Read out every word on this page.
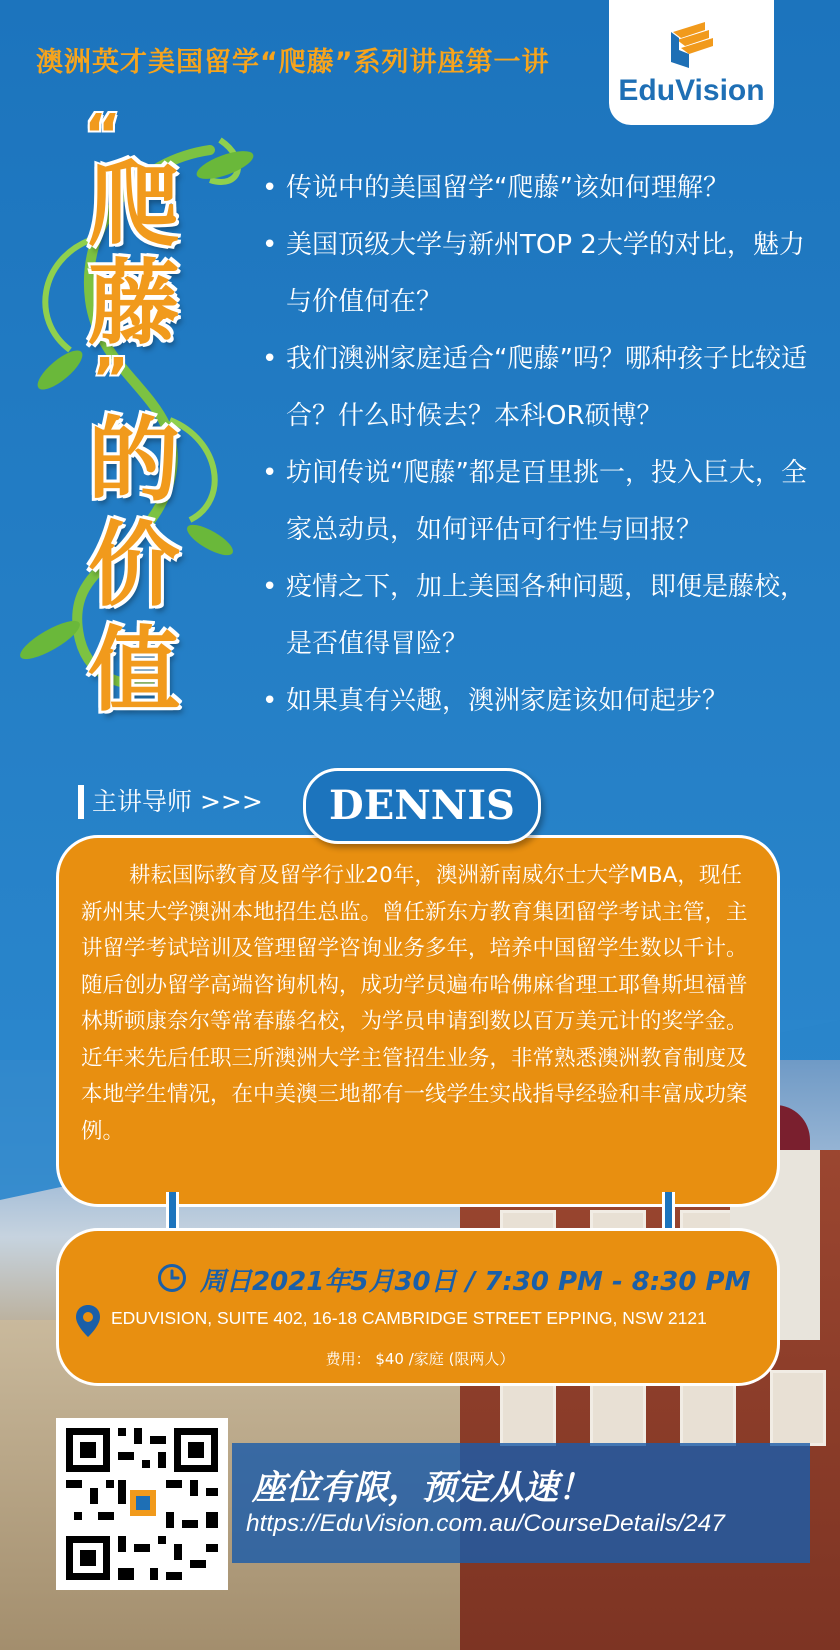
澳洲英才美国留学“爬藤”系列讲座第一讲
EduVision
“
爬
藤
”
的
价
值
• 传说中的美国留学“爬藤”该如何理解？
• 美国顶级大学与新州TOP 2大学的对比，魅力与价值何在？
• 我们澳洲家庭适合“爬藤”吗？哪种孩子比较适合？什么时候去？本科OR硕博？
• 坊间传说“爬藤”都是百里挑一，投入巨大，全家总动员，如何评估可行性与回报？
• 疫情之下，加上美国各种问题，即便是藤校，是否值得冒险？
• 如果真有兴趣，澳洲家庭该如何起步？
主讲导师 >>>
耕耘国际教育及留学行业20年，澳洲新南威尔士大学MBA，现任新州某大学澳洲本地招生总监。曾任新东方教育集团留学考试主管，主讲留学考试培训及管理留学咨询业务多年，培养中国留学生数以千计。随后创办留学高端咨询机构，成功学员遍布哈佛麻省理工耶鲁斯坦福普林斯顿康奈尔等常春藤名校，为学员申请到数以百万美元计的奖学金。近年来先后任职三所澳洲大学主管招生业务，非常熟悉澳洲教育制度及本地学生情况，在中美澳三地都有一线学生实战指导经验和丰富成功案例。
DENNIS
周日2021年5月30日 / 7:30 PM - 8:30 PM
EDUVISION, SUITE 402, 16-18 CAMBRIDGE STREET EPPING, NSW 2121
费用： $40 /家庭 (限两人）
座位有限，预定从速！
https://EduVision.com.au/CourseDetails/247
